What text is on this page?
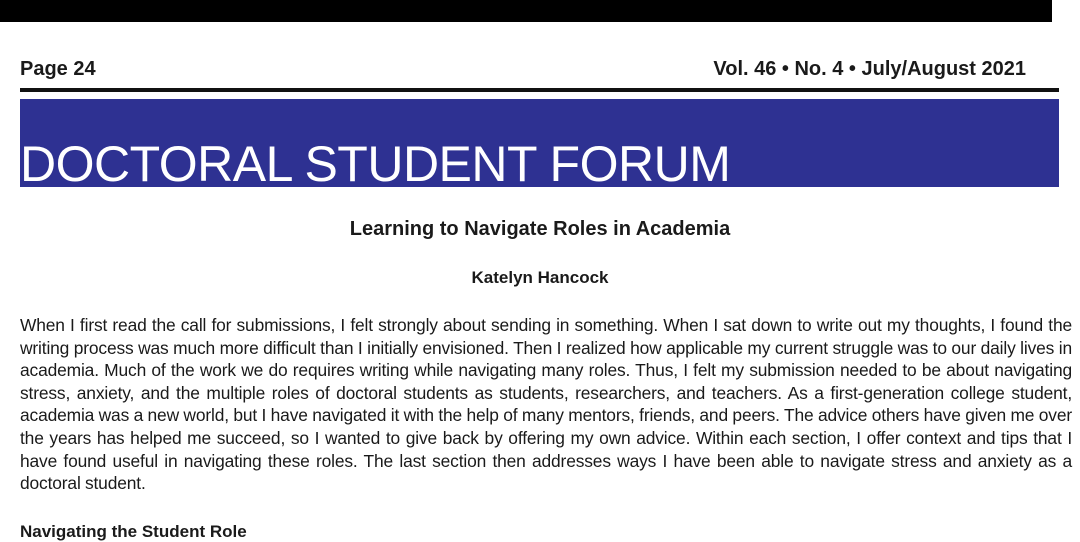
Page 24	Vol. 46 • No. 4 • July/August 2021
DOCTORAL STUDENT FORUM
Learning to Navigate Roles in Academia
Katelyn Hancock

When I first read the call for submissions, I felt strongly about sending in something. When I sat down to write out my thoughts, I found the writing process was much more difficult than I initially envisioned. Then I realized how applicable my current struggle was to our daily lives in academia. Much of the work we do requires writing while navigating many roles. Thus, I felt my submission needed to be about navigating stress, anxiety, and the multiple roles of doctoral students as students, researchers, and teachers. As a first-generation college student, academia was a new world, but I have navigated it with the help of many mentors, friends, and peers. The advice others have given me over the years has helped me succeed, so I wanted to give back by offering my own advice. Within each section, I offer context and tips that I have found useful in navigating these roles. The last section then addresses ways I have been able to navigate stress and anxiety as a doctoral student.

Navigating the Student Role
